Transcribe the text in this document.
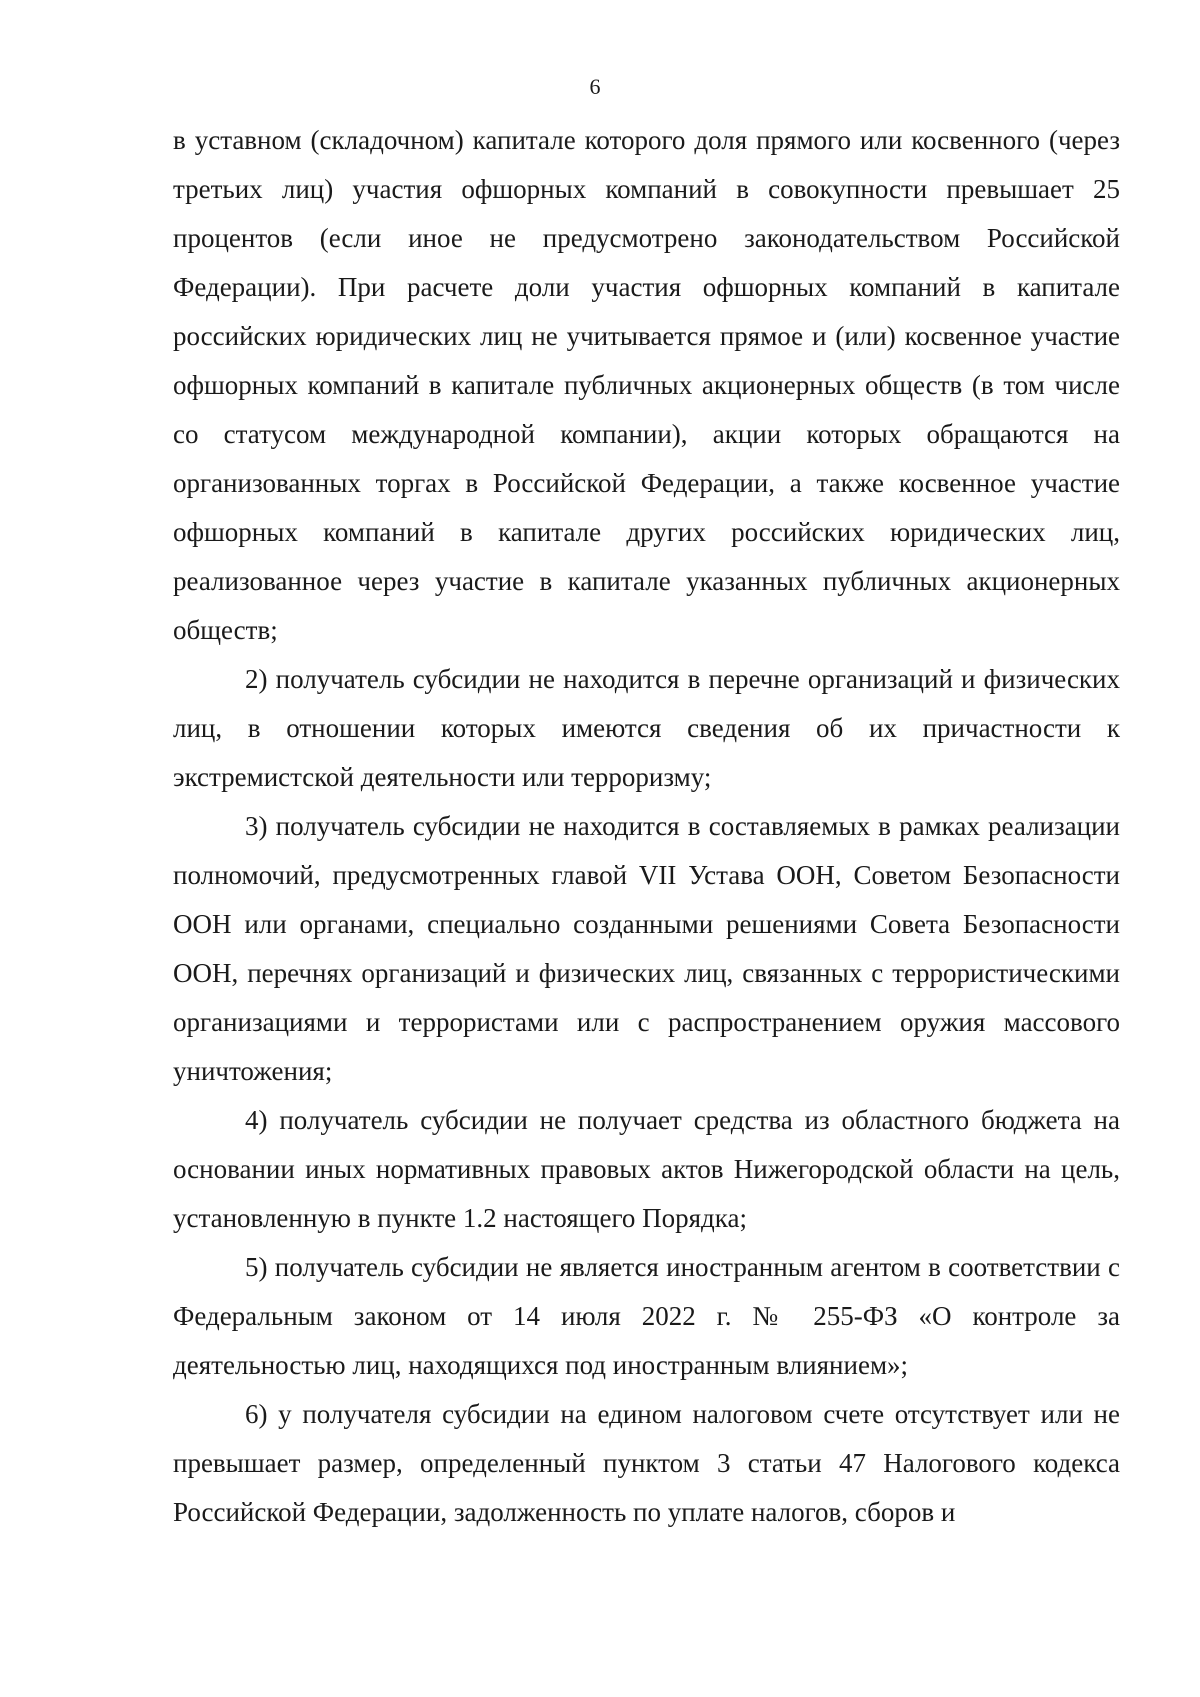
6

в уставном (складочном) капитале которого доля прямого или косвенного (через третьих лиц) участия офшорных компаний в совокупности превышает 25 процентов (если иное не предусмотрено законодательством Российской Федерации). При расчете доли участия офшорных компаний в капитале российских юридических лиц не учитывается прямое и (или) косвенное участие офшорных компаний в капитале публичных акционерных обществ (в том числе со статусом международной компании), акции которых обращаются на организованных торгах в Российской Федерации, а также косвенное участие офшорных компаний в капитале других российских юридических лиц, реализованное через участие в капитале указанных публичных акционерных обществ;

2) получатель субсидии не находится в перечне организаций и физических лиц, в отношении которых имеются сведения об их причастности к экстремистской деятельности или терроризму;

3) получатель субсидии не находится в составляемых в рамках реализации полномочий, предусмотренных главой VII Устава ООН, Советом Безопасности ООН или органами, специально созданными решениями Совета Безопасности ООН, перечнях организаций и физических лиц, связанных с террористическими организациями и террористами или с распространением оружия массового уничтожения;

4) получатель субсидии не получает средства из областного бюджета на основании иных нормативных правовых актов Нижегородской области на цель, установленную в пункте 1.2 настоящего Порядка;

5) получатель субсидии не является иностранным агентом в соответствии с Федеральным законом от 14 июля 2022 г. № 255-ФЗ «О контроле за деятельностью лиц, находящихся под иностранным влиянием»;

6) у получателя субсидии на едином налоговом счете отсутствует или не превышает размер, определенный пунктом 3 статьи 47 Налогового кодекса Российской Федерации, задолженность по уплате налогов, сборов и
